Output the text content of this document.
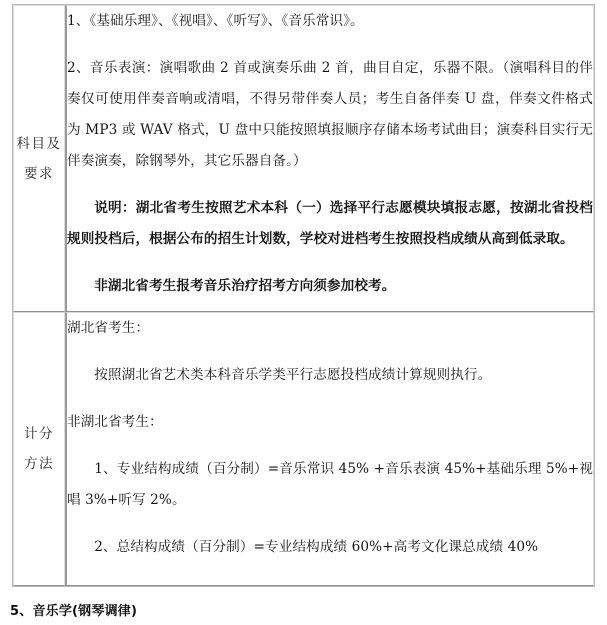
科目及
要求

1、《基础乐理》、《视唱》、《听写》、《音乐常识》。

2、音乐表演：演唱歌曲 2 首或演奏乐曲 2 首，曲目自定，乐器不限。（演唱科目的伴奏仅可使用伴奏音响或清唱，不得另带伴奏人员；考生自备伴奏 U 盘，伴奏文件格式为 MP3 或 WAV 格式，U 盘中只能按照填报顺序存储本场考试曲目；演奏科目实行无伴奏演奏，除钢琴外，其它乐器自备。）

说明：湖北省考生按照艺术本科（一）选择平行志愿模块填报志愿，按湖北省投档规则投档后，根据公布的招生计划数，学校对进档考生按照投档成绩从高到低录取。

非湖北省考生报考音乐治疗招考方向须参加校考。

计分
方法

湖北省考生：

按照湖北省艺术类本科音乐学类平行志愿投档成绩计算规则执行。

非湖北省考生：

1、专业结构成绩（百分制）=音乐常识 45% +音乐表演 45%+基础乐理 5%+视唱 3%+听写 2%。

2、总结构成绩（百分制）=专业结构成绩 60%+高考文化课总成绩 40%

5、音乐学(钢琴调律)
